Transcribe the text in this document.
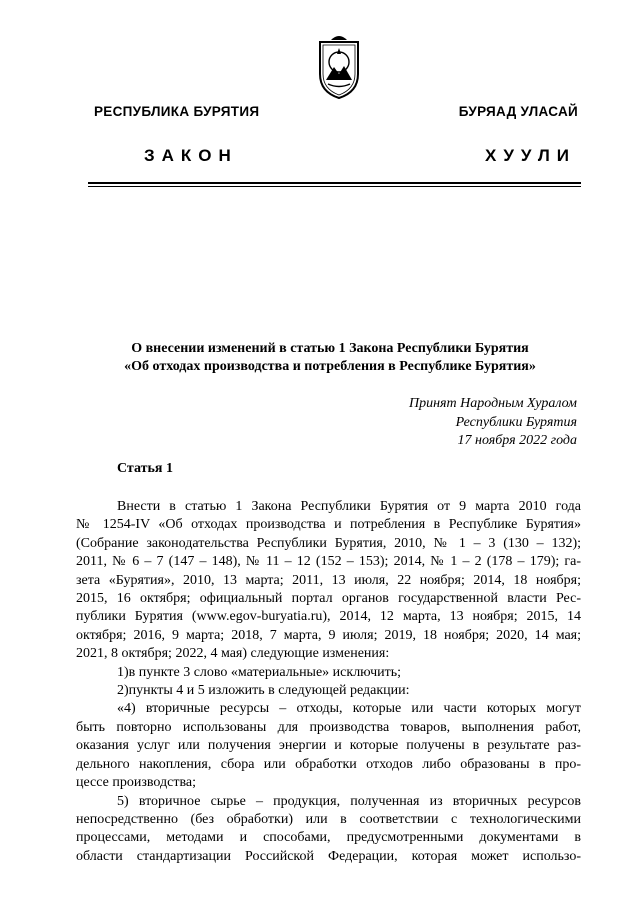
РЕСПУБЛИКА БУРЯТИЯ	БУРЯАД УЛАСАЙ
ЗАКОН	ХУУЛИ
О внесении изменений в статью 1 Закона Республики Бурятия
«Об отходах производства и потребления в Республике Бурятия»
Принят Народным Хуралом
Республики Бурятия
17 ноября 2022 года
Статья 1

Внести в статью 1 Закона Республики Бурятия от 9 марта 2010 года

№ 1254-IV «Об отходах производства и потребления в Республике Бурятия»

(Собрание законодательства Республики Бурятия, 2010, № 1 – 3 (130 – 132);

2011, № 6 – 7 (147 – 148), № 11 – 12 (152 – 153); 2014, № 1 – 2 (178 – 179); га-

зета «Бурятия», 2010, 13 марта; 2011, 13 июля, 22 ноября; 2014, 18 ноября;

2015, 16 октября; официальный портал органов государственной власти Рес-

публики Бурятия (www.egov-buryatia.ru), 2014, 12 марта, 13 ноября; 2015, 14

октября; 2016, 9 марта; 2018, 7 марта, 9 июля; 2019, 18 ноября; 2020, 14 мая;

2021, 8 октября; 2022, 4 мая) следующие изменения:

1)в пункте 3 слово «материальные» исключить;

2)пункты 4 и 5 изложить в следующей редакции:

«4) вторичные ресурсы – отходы, которые или части которых могут

быть повторно использованы для производства товаров, выполнения работ,

оказания услуг или получения энергии и которые получены в результате раз-

дельного накопления, сбора или обработки отходов либо образованы в про-

цессе производства;

5) вторичное сырье – продукция, полученная из вторичных ресурсов

непосредственно (без обработки) или в соответствии с технологическими

процессами, методами и способами, предусмотренными документами в

области стандартизации Российской Федерации, которая может использо-
